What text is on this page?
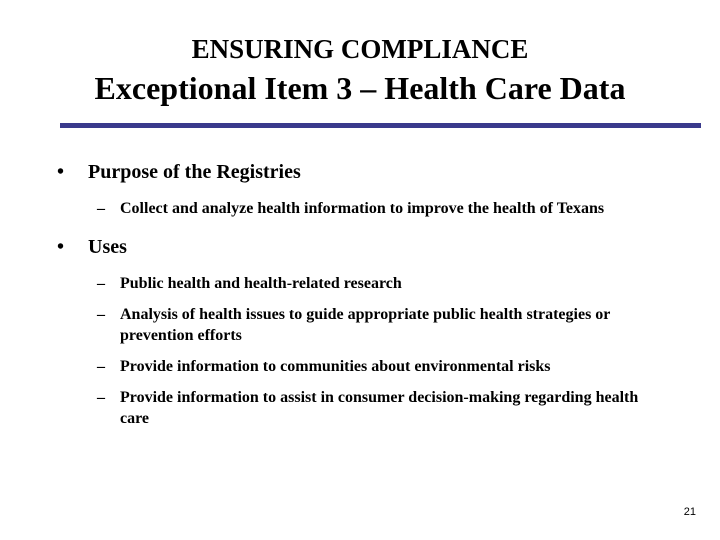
ENSURING COMPLIANCE
Exceptional Item 3 – Health Care Data
•	Purpose of the Registries
– Collect and analyze health information to improve the health of Texans
•	Uses
– Public health and health-related research
– Analysis of health issues to guide appropriate public health strategies or prevention efforts
– Provide information to communities about environmental risks
– Provide information to assist in consumer decision-making regarding health care
21
